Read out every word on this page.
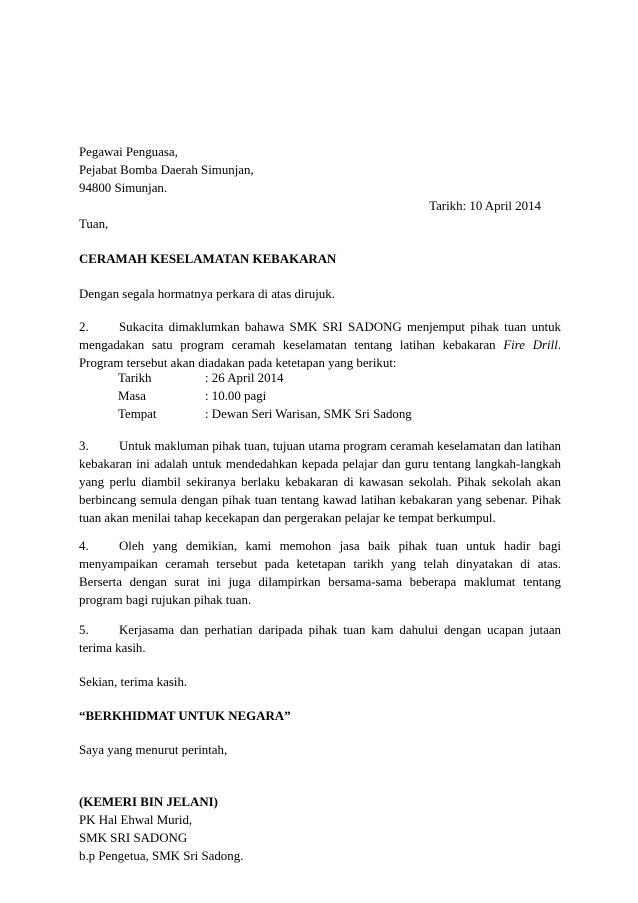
Pegawai Penguasa,
Pejabat Bomba Daerah Simunjan,
94800 Simunjan.
Tarikh: 10 April 2014
Tuan,
CERAMAH KESELAMATAN KEBAKARAN
Dengan segala hormatnya perkara di atas dirujuk.
2. Sukacita dimaklumkan bahawa SMK SRI SADONG menjemput pihak tuan untuk
mengadakan satu program ceramah keselamatan tentang latihan kebakaran Fire Drill.
Program tersebut akan diadakan pada ketetapan yang berikut:
Tarikh	: 26 April 2014
Masa	: 10.00 pagi
Tempat	: Dewan Seri Warisan, SMK Sri Sadong
3. Untuk makluman pihak tuan, tujuan utama program ceramah keselamatan dan latihan
kebakaran ini adalah untuk mendedahkan kepada pelajar dan guru tentang langkah-langkah
yang perlu diambil sekiranya berlaku kebakaran di kawasan sekolah. Pihak sekolah akan
berbincang semula dengan pihak tuan tentang kawad latihan kebakaran yang sebenar. Pihak
tuan akan menilai tahap kecekapan dan pergerakan pelajar ke tempat berkumpul.
4. Oleh yang demikian, kami memohon jasa baik pihak tuan untuk hadir bagi
menyampaikan ceramah tersebut pada ketetapan tarikh yang telah dinyatakan di atas.
Berserta dengan surat ini juga dilampirkan bersama-sama beberapa maklumat tentang
program bagi rujukan pihak tuan.
5. Kerjasama dan perhatian daripada pihak tuan kam dahului dengan ucapan jutaan
terima kasih.
Sekian, terima kasih.
“BERKHIDMAT UNTUK NEGARA”
Saya yang menurut perintah,
(KEMERI BIN JELANI)
PK Hal Ehwal Murid,
SMK SRI SADONG
b.p Pengetua, SMK Sri Sadong.
